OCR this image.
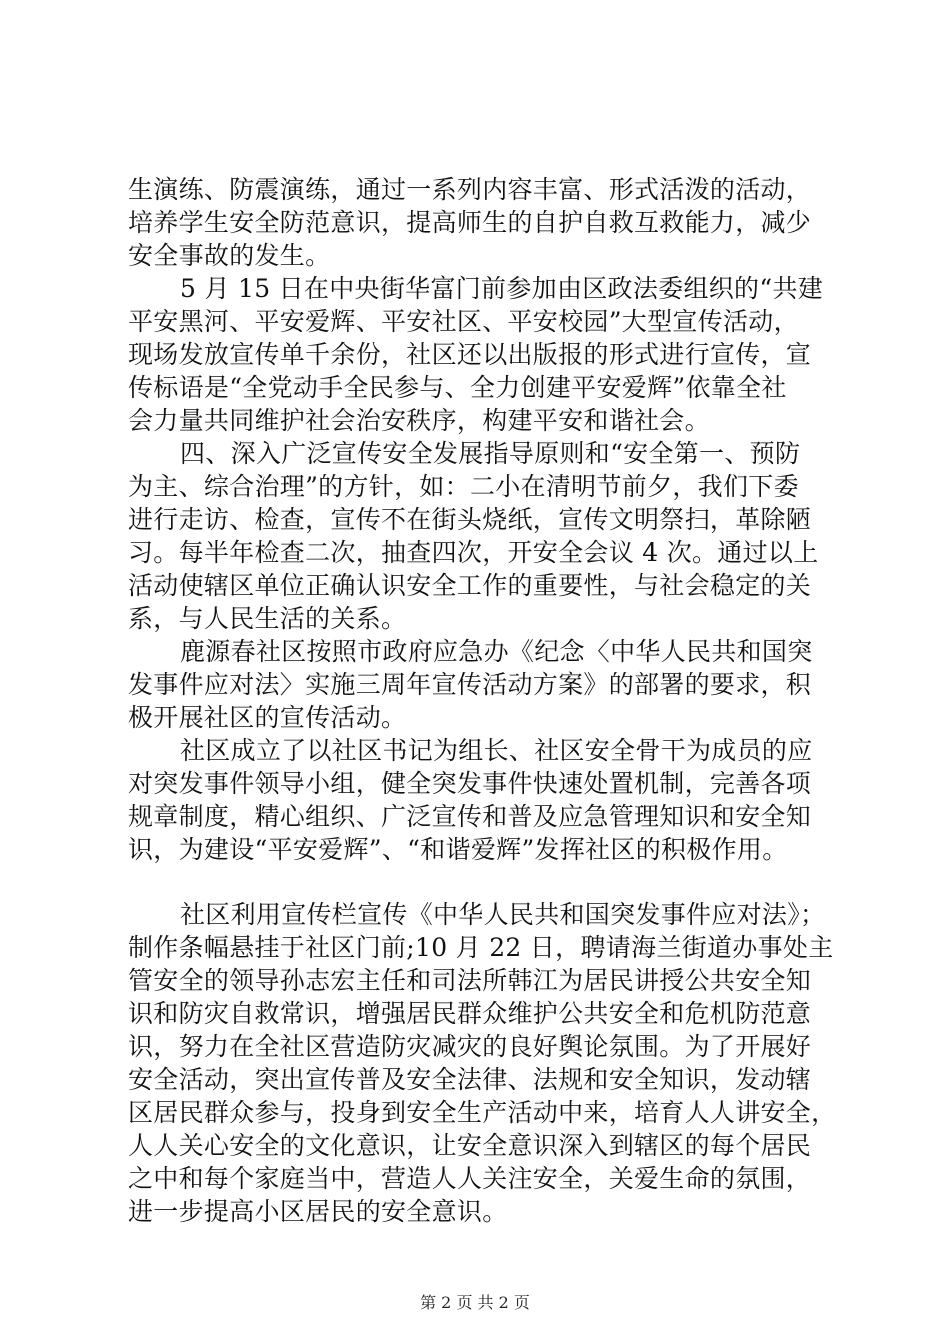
生演练、防震演练，通过一系列内容丰富、形式活泼的活动，
培养学生安全防范意识，提高师生的自护自救互救能力，减少
安全事故的发生。
5 月 15 日在中央街华富门前参加由区政法委组织的“共建
平安黑河、平安爱辉、平安社区、平安校园”大型宣传活动，
现场发放宣传单千余份，社区还以出版报的形式进行宣传，宣
传标语是“全党动手全民参与、全力创建平安爱辉”依靠全社
会力量共同维护社会治安秩序，构建平安和谐社会。
四、深入广泛宣传安全发展指导原则和“安全第一、预防
为主、综合治理”的方针，如：二小在清明节前夕，我们下委
进行走访、检查，宣传不在街头烧纸，宣传文明祭扫，革除陋
习。每半年检查二次，抽查四次，开安全会议 4 次。通过以上
活动使辖区单位正确认识安全工作的重要性，与社会稳定的关
系，与人民生活的关系。
鹿源春社区按照市政府应急办《纪念〈中华人民共和国突
发事件应对法〉实施三周年宣传活动方案》的部署的要求，积
极开展社区的宣传活动。
社区成立了以社区书记为组长、社区安全骨干为成员的应
对突发事件领导小组，健全突发事件快速处置机制，完善各项
规章制度，精心组织、广泛宣传和普及应急管理知识和安全知
识，为建设“平安爱辉”、“和谐爱辉”发挥社区的积极作用。
社区利用宣传栏宣传《中华人民共和国突发事件应对法》；
制作条幅悬挂于社区门前;10 月 22 日，聘请海兰街道办事处主
管安全的领导孙志宏主任和司法所韩江为居民讲授公共安全知
识和防灾自救常识，增强居民群众维护公共安全和危机防范意
识，努力在全社区营造防灾减灾的良好舆论氛围。为了开展好
安全活动，突出宣传普及安全法律、法规和安全知识，发动辖
区居民群众参与，投身到安全生产活动中来，培育人人讲安全，
人人关心安全的文化意识，让安全意识深入到辖区的每个居民
之中和每个家庭当中，营造人人关注安全，关爱生命的氛围，
进一步提高小区居民的安全意识。
第 2 页 共 2 页
